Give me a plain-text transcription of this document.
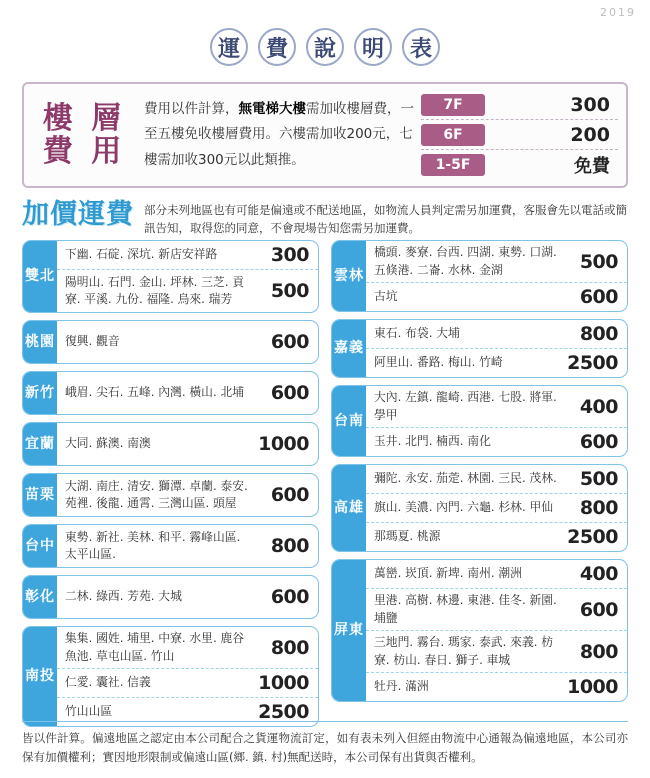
2019
運	費	說	明	表
樓 層
費 用
費用以件計算，無電梯大樓需加收樓層費，一至五樓免收樓層費用。六樓需加收200元，七樓需加收300元以此類推。
7F	300
6F	200
1-5F	免費
加價運費 部分未列地區也有可能是偏遠或不配送地區，如物流人員判定需另加運費，客服會先以電話或簡訊告知，取得您的同意，不會現場告知您需另加運費。
雙北
下幽. 石碇. 深坑. 新店安祥路	300
陽明山. 石門. 金山. 坪林. 三芝. 貢寮. 平溪. 九份. 福隆. 烏來. 瑞芳	500
桃園 復興. 觀音	600
新竹 峨眉. 尖石. 五峰. 內灣. 橫山. 北埔	600
宜蘭 大同. 蘇澳. 南澳	1000
苗栗
大湖. 南庄. 清安. 獅潭. 卓蘭. 泰安. 苑裡. 後龍. 通霄. 三灣山區. 頭屋	600
台中
東勢. 新社. 美林. 和平. 霧峰山區. 太平山區.	800
彰化 二林. 綠西. 芳苑. 大城	600
南投
集集. 國姓. 埔里. 中寮. 水里. 鹿谷 魚池. 草屯山區. 竹山	800
仁愛. 囊社. 信義	1000
竹山山區	2500
雲林
橋頭. 麥寮. 台西. 四湖. 東勢. 口湖. 五倏港. 二崙. 水林. 金湖	500
古坑	600
嘉義
東石. 布袋. 大埔	800
阿里山. 番路. 梅山. 竹崎	2500
台南
大內. 左鎮. 龍崎. 西港. 七股. 將軍. 學甲	400
玉井. 北門. 楠西. 南化	600
高雄
彌陀. 永安. 茄萣. 林園. 三民. 茂林.	500
旗山. 美濃. 內門. 六龜. 杉林. 甲仙	800
那瑪夏. 桃源	2500
屏東
萬巒. 崁頂. 新埤. 南州. 潮洲	400
里港. 高樹. 林邊. 東港. 佳冬. 新園. 埔鹽	600
三地門. 霧台. 瑪家. 泰武. 來義. 枋寮. 枋山. 春日. 獅子. 車城	800
牡丹. 滿洲	1000
皆以件計算。偏遠地區之認定由本公司配合之貨運物流訂定，如有表未列入但經由物流中心通報為偏遠地區，本公司亦保有加價權利；實因地形限制或偏遠山區(鄉. 鎮. 村)無配送時，本公司保有出貨與否權利。
